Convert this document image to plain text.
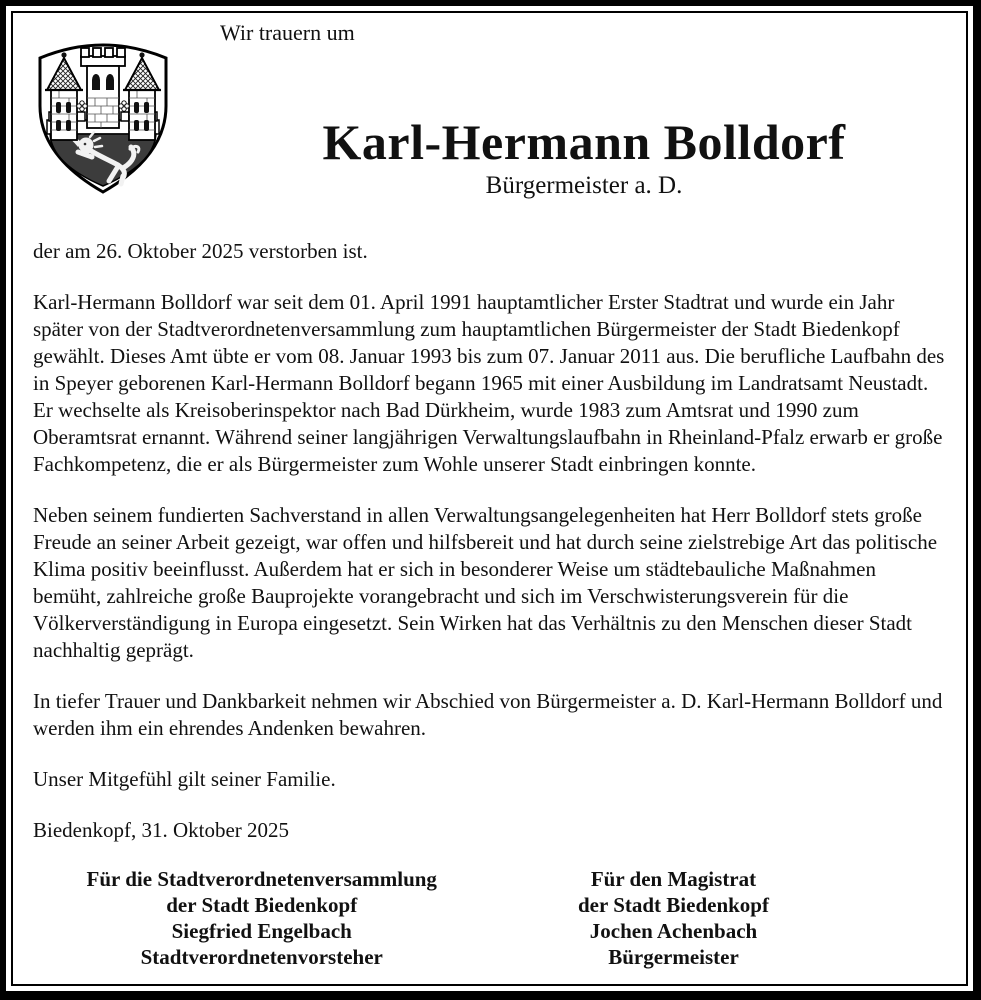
Wir trauern um
Karl-Hermann Bolldorf
Bürgermeister a. D.

der am 26. Oktober 2025 verstorben ist.

Karl-Hermann Bolldorf war seit dem 01. April 1991 hauptamtlicher Erster Stadtrat und wurde ein Jahr später von der Stadtverordnetenversammlung zum hauptamtlichen Bürgermeister der Stadt Biedenkopf gewählt. Dieses Amt übte er vom 08. Januar 1993 bis zum 07. Januar 2011 aus. Die berufliche Laufbahn des in Speyer geborenen Karl-Hermann Bolldorf begann 1965 mit einer Ausbildung im Landratsamt Neustadt. Er wechselte als Kreisoberinspektor nach Bad Dürkheim, wurde 1983 zum Amtsrat und 1990 zum Oberamtsrat ernannt. Während seiner langjährigen Verwaltungslaufbahn in Rheinland-Pfalz erwarb er große Fachkompetenz, die er als Bürgermeister zum Wohle unserer Stadt einbringen konnte.

Neben seinem fundierten Sachverstand in allen Verwaltungsangelegenheiten hat Herr Bolldorf stets große Freude an seiner Arbeit gezeigt, war offen und hilfsbereit und hat durch seine zielstrebige Art das politische Klima positiv beeinflusst. Außerdem hat er sich in besonderer Weise um städtebauliche Maßnahmen bemüht, zahlreiche große Bauprojekte vorangebracht und sich im Verschwisterungsverein für die Völkerverständigung in Europa eingesetzt. Sein Wirken hat das Verhältnis zu den Menschen dieser Stadt nachhaltig geprägt.

In tiefer Trauer und Dankbarkeit nehmen wir Abschied von Bürgermeister a. D. Karl-Hermann Bolldorf und werden ihm ein ehrendes Andenken bewahren.

Unser Mitgefühl gilt seiner Familie.

Biedenkopf, 31. Oktober 2025

Für die Stadtverordnetenversammlung
der Stadt Biedenkopf
Siegfried Engelbach
Stadtverordnetenvorsteher
Für den Magistrat
der Stadt Biedenkopf
Jochen Achenbach
Bürgermeister
